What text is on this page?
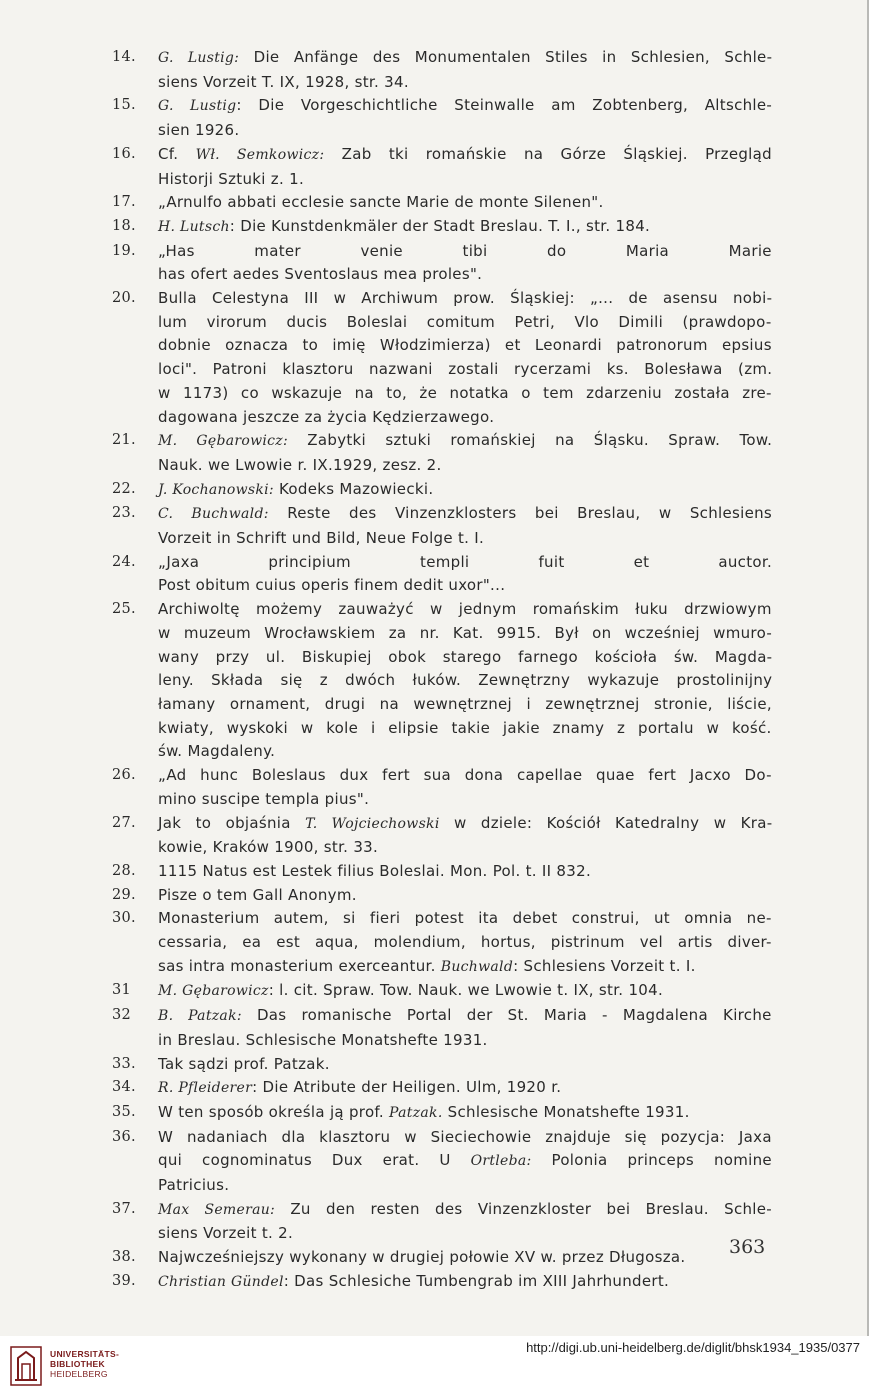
14.	G. Lustig: Die Anfänge des Monumentalen Stiles in Schlesien, Schle-
siens Vorzeit T. IX, 1928, str. 34.
15.	G. Lustig: Die Vorgeschichtliche Steinwalle am Zobtenberg, Altschle-
sien 1926.
16.	Cf. Wł. Semkowicz: Zab tki romańskie na Górze Śląskiej. Przegląd
Historji Sztuki z. 1.
17.	„Arnulfo abbati ecclesie sancte Marie de monte Silenen".
18.	H. Lutsch: Die Kunstdenkmäler der Stadt Breslau. T. I., str. 184.
19.	„Has mater venie tibi do Maria Marie
has ofert aedes Sventoslaus mea proles".
20.	Bulla Celestyna III w Archiwum prow. Śląskiej: „... de asensu nobi-
lum virorum ducis Boleslai comitum Petri, Vlo Dimili (prawdopo-
dobnie oznacza to imię Włodzimierza) et Leonardi patronorum epsius
loci". Patroni klasztoru nazwani zostali rycerzami ks. Bolesława (zm.
w 1173) co wskazuje na to, że notatka o tem zdarzeniu została zre-
dagowana jeszcze za życia Kędzierzawego.
21.	M. Gębarowicz: Zabytki sztuki romańskiej na Śląsku. Spraw. Tow.
Nauk. we Lwowie r. IX.1929, zesz. 2.
22.	J. Kochanowski: Kodeks Mazowiecki.
23.	C. Buchwald: Reste des Vinzenzklosters bei Breslau, w Schlesiens
Vorzeit in Schrift und Bild, Neue Folge t. I.
24.	„Jaxa principium templi fuit et auctor.
Post obitum cuius operis finem dedit uxor"...
25.	Archiwoltę możemy zauważyć w jednym romańskim łuku drzwiowym
w muzeum Wrocławskiem za nr. Kat. 9915. Był on wcześniej wmuro-
wany przy ul. Biskupiej obok starego farnego kościoła św. Magda-
leny. Składa się z dwóch łuków. Zewnętrzny wykazuje prostolinijny
łamany ornament, drugi na wewnętrznej i zewnętrznej stronie, liście,
kwiaty, wyskoki w kole i elipsie takie jakie znamy z portalu w kość.
św. Magdaleny.
26.	„Ad hunc Boleslaus dux fert sua dona capellae quae fert Jacxo Do-
mino suscipe templa pius".
27.	Jak to objaśnia T. Wojciechowski w dziele: Kościół Katedralny w Kra-
kowie, Kraków 1900, str. 33.
28.	1115 Natus est Lestek filius Boleslai. Mon. Pol. t. II 832.
29.	Pisze o tem Gall Anonym.
30.	Monasterium autem, si fieri potest ita debet construi, ut omnia ne-
cessaria, ea est aqua, molendium, hortus, pistrinum vel artis diver-
sas intra monasterium exerceantur. Buchwald: Schlesiens Vorzeit t. I.
31	M. Gębarowicz: l. cit. Spraw. Tow. Nauk. we Lwowie t. IX, str. 104.
32	B. Patzak: Das romanische Portal der St. Maria - Magdalena Kirche
in Breslau. Schlesische Monatshefte 1931.
33.	Tak sądzi prof. Patzak.
34.	R. Pfleiderer: Die Atribute der Heiligen. Ulm, 1920 r.
35.	W ten sposób określa ją prof. Patzak. Schlesische Monatshefte 1931.
36.	W nadaniach dla klasztoru w Sieciechowie znajduje się pozycja: Jaxa
qui cognominatus Dux erat. U Ortleba: Polonia princeps nomine
Patricius.
37.	Max Semerau: Zu den resten des Vinzenzkloster bei Breslau. Schle-
siens Vorzeit t. 2.
38.	Najwcześniejszy wykonany w drugiej połowie XV w. przez Długosza.
39.	Christian Gündel: Das Schlesiche Tumbengrab im XIII Jahrhundert.
363
UNIVERSITÄTS-
BIBLIOTHEK
HEIDELBERG
http://digi.ub.uni-heidelberg.de/diglit/bhsk1934_1935/0377
